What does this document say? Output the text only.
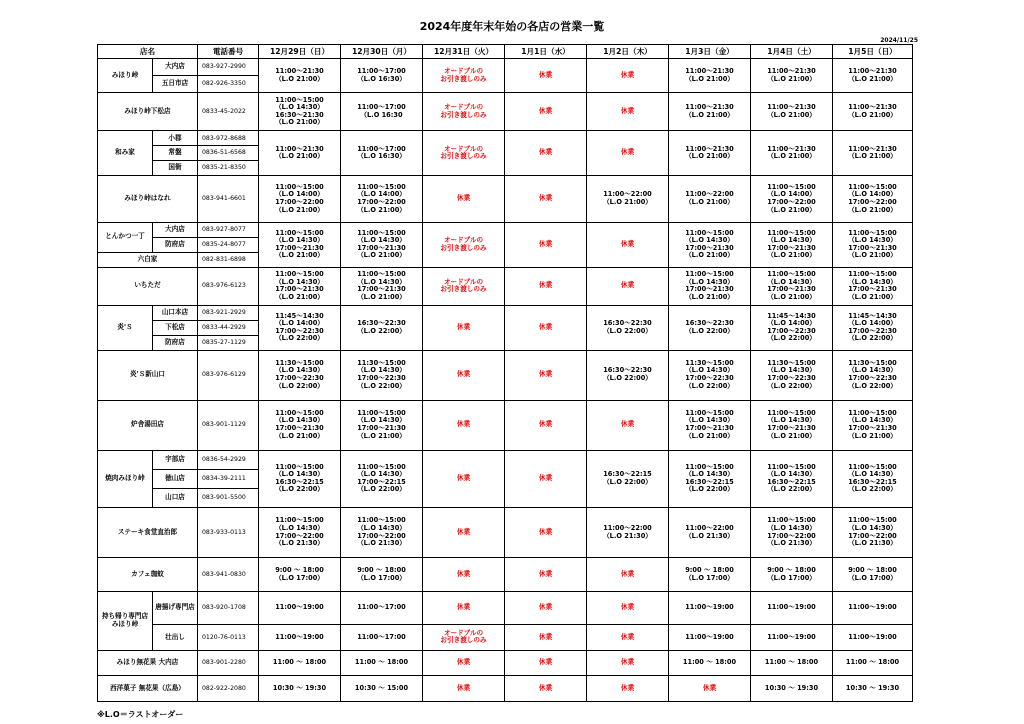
2024年度年末年始の各店の営業一覧
2024/11/25
店名		電話番号	12月29日（日）	12月30日（月）	12月31日（火）	1月1日（水）	1月2日（木）	1月3日（金）	1月4日（土）	1月5日（日）
みほり峠	大内店	083-927-2990	11:00～21:30
（L.O 21:00）	11:00～17:00
（L.O 16:30）	オードブルの
お引き渡しのみ	休業	休業	11:00～21:30
（L.O 21:00）	11:00～21:30
（L.O 21:00）	11:00～21:30
（L.O 21:00）
	五日市店	082-926-3350								
みほり峠下松店		0833-45-2022	11:00～15:00
（L.O 14:30）
16:30～21:30
（L.O 21:00）	11:00～17:00
（L.O 16:30	オードブルの
お引き渡しのみ	休業	休業	11:00～21:30
（L.O 21:00）	11:00～21:30
（L.O 21:00）	11:00～21:30
（L.O 21:00）
和み家	小郡	083-972-8688	11:00～21:30
（L.O 21:00）	11:00～17:00
（L.O 16:30）	オードブルの
お引き渡しのみ	休業	休業	11:00～21:30
（L.O 21:00）	11:00～21:30
（L.O 21:00）	11:00～21:30
（L.O 21:00）
	常盤	0836-51-6568								
	国衙	0835-21-8350								
みほり峠はなれ		083-941-6601	11:00～15:00
（L.O 14:00）
17:00～22:00
（L.O 21:00）	11:00～15:00
（L.O 14:00）
17:00～22:00
（L.O 21:00）	休業	休業	11:00～22:00
（L.O 21:00）	11:00～22:00
（L.O 21:00）	11:00～15:00
（L.O 14:00）
17:00～22:00
（L.O 21:00）	11:00～15:00
（L.O 14:00）
17:00～22:00
（L.O 21:00）
とんかつ一丁	大内店	083-927-8077	11:00～15:00
（L.O 14:30）
17:00～21:30
（L.O 21:00）	11:00～15:00
（L.O 14:30）
17:00～21:30
（L.O 21:00）	オードブルの
お引き渡しのみ	休業	休業	11:00～15:00
（L.O 14:30）
17:00～21:30
（L.O 21:00）	11:00～15:00
（L.O 14:30）
17:00～21:30
（L.O 21:00）	11:00～15:00
（L.O 14:30）
17:00～21:30
（L.O 21:00）
	防府店	0835-24-8077								
六白家		082-831-6898								
いちただ		083-976-6123	11:00～15:00
（L.O 14:30）
17:00～21:30
（L.O 21:00）	11:00～15:00
（L.O 14:30）
17:00～21:30
（L.O 21:00）	オードブルの
お引き渡しのみ	休業	休業	11:00～15:00
（L.O 14:30）
17:00～21:30
（L.O 21:00）	11:00～15:00
（L.O 14:30）
17:00～21:30
（L.O 21:00）	11:00～15:00
（L.O 14:30）
17:00～21:30
（L.O 21:00）
炎'Ｓ	山口本店	083-921-2929	11:45～14:30
（L.O 14:00）
17:00～22:30
（L.O 22:00）	16:30～22:30
（L.O 22:00）	休業	休業	16:30～22:30
（L.O 22:00）	16:30～22:30
（L.O 22:00）	11:45～14:30
（L.O 14:00）
17:00～22:30
（L.O 22:00）	11:45～14:30
（L.O 14:00）
17:00～22:30
（L.O 22:00）
	下松店	0833-44-2929								
	防府店	0835-27-1129								
炎'Ｓ新山口		083-976-6129	11:30～15:00
（L.O 14:30）
17:00～22:30
（L.O 22:00）	11:30～15:00
（L.O 14:30）
17:00～22:30
（L.O 22:00）	休業	休業	16:30～22:30
（L.O 22:00）	11:30～15:00
（L.O 14:30）
17:00～22:30
（L.O 22:00）	11:30～15:00
（L.O 14:30）
17:00～22:30
（L.O 22:00）	11:30～15:00
（L.O 14:30）
17:00～22:30
（L.O 22:00）
炉舎湯田店		083-901-1129	11:00～15:00
（L.O 14:30）
17:00～21:30
（L.O 21:00）	11:00～15:00
（L.O 14:30）
17:00～21:30
（L.O 21:00）	休業	休業	休業	11:00～15:00
（L.O 14:30）
17:00～21:30
（L.O 21:00）	11:00～15:00
（L.O 14:30）
17:00～21:30
（L.O 21:00）	11:00～15:00
（L.O 14:30）
17:00～21:30
（L.O 21:00）
焼肉みほり峠	宇部店	0836-54-2929	11:00～15:00
（L.O 14:30）
16:30～22:15
（L.O 22:00）	11:00～15:00
（L.O 14:30）
17:00～22:15
（L.O 22:00）	休業	休業	16:30～22:15
（L.O 22:00）	11:00～15:00
（L.O 14:30）
16:30～22:15
（L.O 22:00）	11:00～15:00
（L.O 14:30）
16:30～22:15
（L.O 22:00）	11:00～15:00
（L.O 14:30）
16:30～22:15
（L.O 22:00）
	徳山店	0834-39-2111								
	山口店	083-901-5500								
ステーキ食堂直治郎		083-933-0113	11:00～15:00
（L.O 14:30）
17:00～22:00
（L.O 21:30）	11:00～15:00
（L.O 14:30）
17:00～22:00
（L.O 21:30）	休業	休業	11:00～22:00
（L.O 21:30）	11:00～22:00
（L.O 21:30）	11:00～15:00
（L.O 14:30）
17:00～22:00
（L.O 21:30）	11:00～15:00
（L.O 14:30）
17:00～22:00
（L.O 21:30）
カフェ珈蚊		083-941-0830	9:00 ～ 18:00
（L.O 17:00）	9:00 ～ 18:00
（L.O 17:00）	休業	休業	休業	9:00 ～ 18:00
（L.O 17:00）	9:00 ～ 18:00
（L.O 17:00）	9:00 ～ 18:00
（L.O 17:00）
持ち帰り専門店
みほり峠	唐揚げ専門店	083-920-1708	11:00～19:00	11:00～17:00	休業	休業	休業	11:00～19:00	11:00～19:00	11:00～19:00
	壮出し	0120-76-0113	11:00～19:00	11:00～17:00	オードブルの
お引き渡しのみ	休業	休業	11:00～19:00	11:00～19:00	11:00～19:00
みほり無花果 大内店		083-901-2280	11:00 ～ 18:00	11:00 ～ 18:00	休業	休業	休業	11:00 ～ 18:00	11:00 ～ 18:00	11:00 ～ 18:00
西洋菓子 無花果（広島）		082-922-2080	10:30 ～ 19:30	10:30 ～ 15:00	休業	休業	休業	休業	10:30 ～ 19:30	10:30 ～ 19:30
※L.O＝ラストオーダー
